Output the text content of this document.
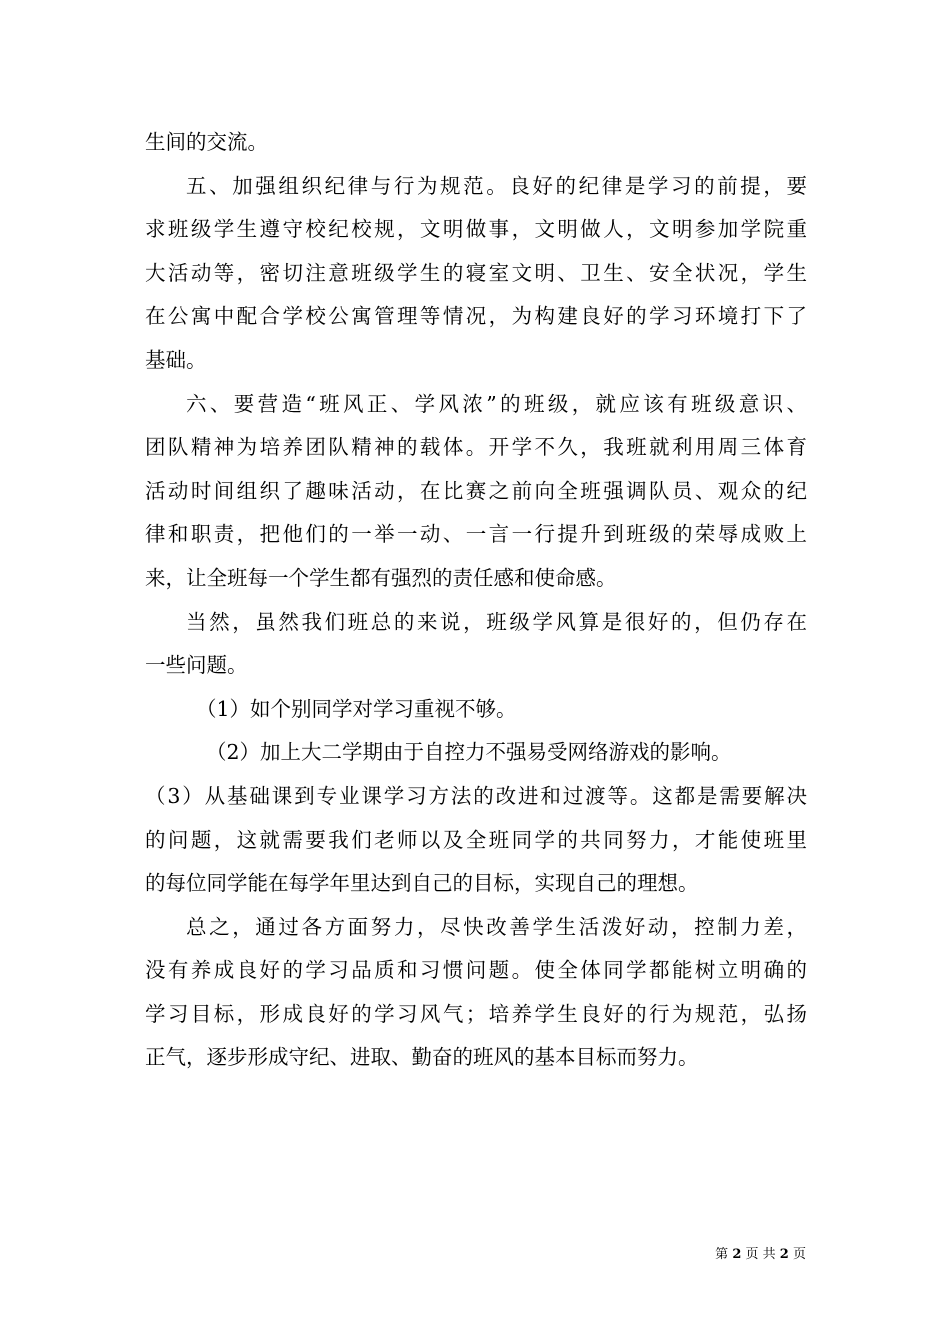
生间的交流。
五、加强组织纪律与行为规范。良好的纪律是学习的前提，要
求班级学生遵守校纪校规，文明做事，文明做人，文明参加学院重
大活动等，密切注意班级学生的寝室文明、卫生、安全状况，学生
在公寓中配合学校公寓管理等情况，为构建良好的学习环境打下了
基础。
六、要营造“班风正、学风浓”的班级，就应该有班级意识、
团队精神为培养团队精神的载体。开学不久，我班就利用周三体育
活动时间组织了趣味活动，在比赛之前向全班强调队员、观众的纪
律和职责，把他们的一举一动、一言一行提升到班级的荣辱成败上
来，让全班每一个学生都有强烈的责任感和使命感。
当然，虽然我们班总的来说，班级学风算是很好的，但仍存在
一些问题。
（1）如个别同学对学习重视不够。
（2）加上大二学期由于自控力不强易受网络游戏的影响。
（3）从基础课到专业课学习方法的改进和过渡等。这都是需要解决
的问题，这就需要我们老师以及全班同学的共同努力，才能使班里
的每位同学能在每学年里达到自己的目标，实现自己的理想。
总之，通过各方面努力，尽快改善学生活泼好动，控制力差，
没有养成良好的学习品质和习惯问题。使全体同学都能树立明确的
学习目标，形成良好的学习风气；培养学生良好的行为规范，弘扬
正气，逐步形成守纪、进取、勤奋的班风的基本目标而努力。
第 2 页 共 2 页
